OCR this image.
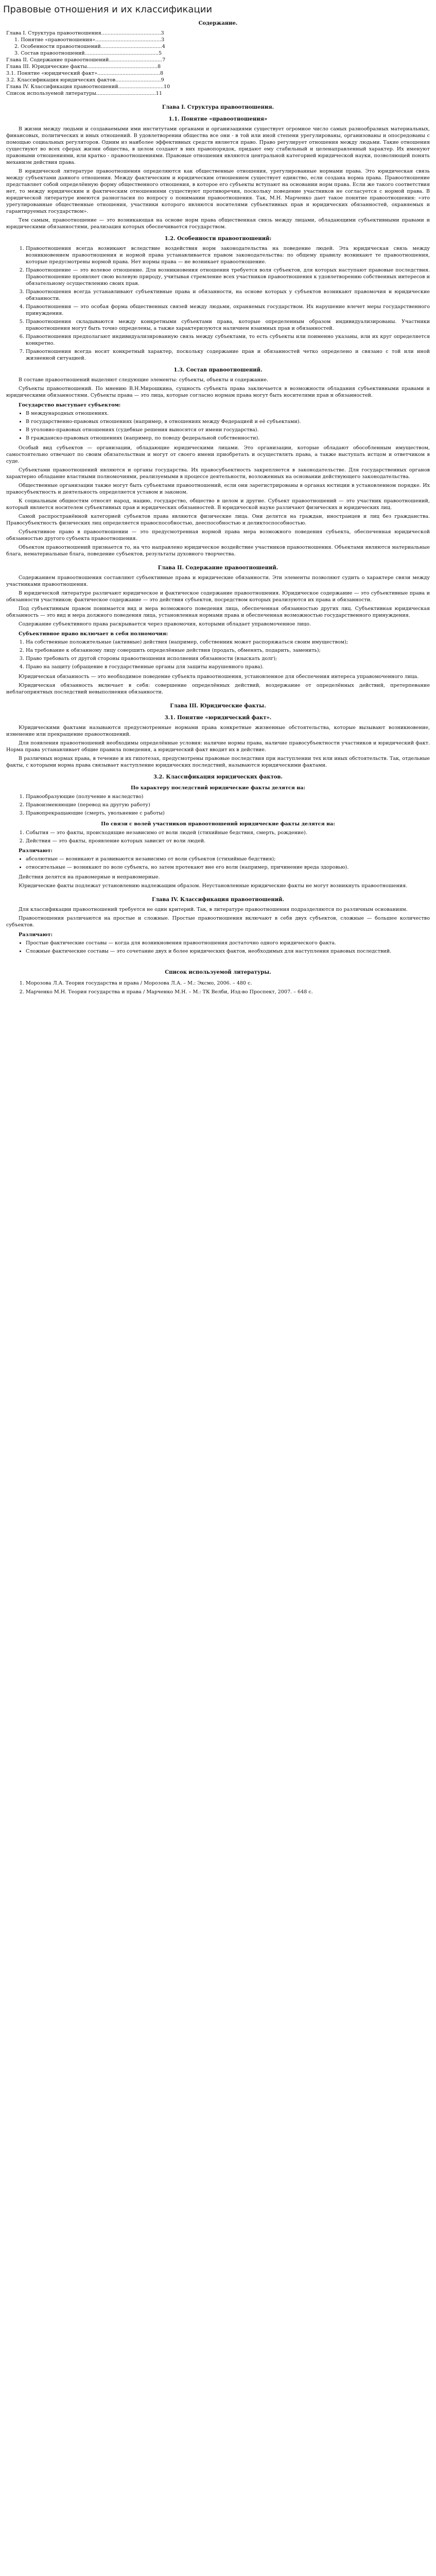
Правовые отношения и их классификации
Содержание.
Глава I. Структура правоотношения......................................3
1. Понятие «правоотношения»..........................................3
2. Особенности правоотношений.......................................4
3. Состав правоотношений...............................................5
Глава II. Содержание правоотношений..................................7
Глава III. Юридические факты.............................................8
3.1. Понятие «юридический факт»........................................8
3.2. Классификация юридических фактов.............................9
Глава IV. Классификация правоотношений.............................10
Список используемой литературы......................................11
Глава I. Структура правоотношения.
1.1. Понятие «правоотношения»

В жизни между людьми и создаваемыми ими институтами органами и организациями существует огромное число самых разнообразных материальных, финансовых, политических и иных отношений. В удовлетворении общества все они - в той или иной степени урегулированы, организованы и опосредованы с помощью социальных регуляторов. Одним из наиболее эффективных средств является право. Право регулирует отношения между людьми. Такие отношения существуют во всех сферах жизни общества, в целом создают в них правопорядок, придают ему стабильный и целенаправленный характер. Их именуют правовыми отношениями, или кратко - правоотношениями. Правовые отношения являются центральной категорией юридической науки, позволяющей понять механизм действия права.

В юридической литературе правоотношения определяются как общественные отношения, урегулированные нормами права. Это юридическая связь между субъектами данного отношения. Между фактическим и юридическим отношением существует единство, если создана норма права. Правоотношение представляет собой определённую форму общественного отношения, в которое его субъекты вступают на основании норм права. Если же такого соответствия нет, то между юридическим и фактическим отношениями существуют противоречия, поскольку поведение участников не согласуется с нормой права. В юридической литературе имеются разногласия по вопросу о понимании правоотношения. Так, М.Н. Марченко дает такое понятие правоотношения: «это урегулированные общественные отношения, участники которого являются носителями субъективных прав и юридических обязанностей, охраняемых и гарантируемых государством».

Тем самым, правоотношение — это возникающая на основе норм права общественная связь между лицами, обладающими субъективными правами и юридическими обязанностями, реализация которых обеспечивается государством.

1.2. Особенности правоотношений:
1. Правоотношения всегда возникают вследствие воздействия норм законодательства на поведение людей. Эта юридическая связь между возникновением правоотношения и нормой права устанавливается правом законодательства: по общему правилу возникают те правоотношения, которые предусмотрены нормой права. Нет нормы права — не возникает правоотношение.
2. Правоотношение — это волевое отношение. Для возникновения отношения требуется воля субъектов, для которых наступают правовые последствия. Правоотношение проявляет свою волевую природу, учитывая стремление всех участников правоотношения к удовлетворению собственных интересов и обязательному осуществлению своих прав.
3. Правоотношения всегда устанавливают субъективные права и обязанности, на основе которых у субъектов возникают правомочия и юридические обязанности.
4. Правоотношения — это особая форма общественных связей между людьми, охраняемых государством. Их нарушение влечет меры государственного принуждения.
5. Правоотношения складываются между конкретными субъектами права, которые определенным образом индивидуализированы. Участники правоотношения могут быть точно определены, а также характеризуются наличием взаимных прав и обязанностей.
6. Правоотношения предполагают индивидуализированную связь между субъектами, то есть субъекты или поименно указаны, или их круг определяется конкретно.
7. Правоотношения всегда носят конкретный характер, поскольку содержание прав и обязанностей четко определено и связано с той или иной жизненной ситуацией.
1.3. Состав правоотношений.

В составе правоотношений выделяют следующие элементы: субъекты, объекты и содержание.

Субъекты правоотношений. По мнению В.Н.Мирошкина, сущность субъекта права заключается в возможности обладания субъективными правами и юридическими обязанностями. Субъекты права — это лица, которые согласно нормам права могут быть носителями прав и обязанностей.

Государство выступает субъектом:
• В международных отношениях.
• В государственно-правовых отношениях (например, в отношениях между Федерацией и её субъектами).
• В уголовно-правовых отношениях (судебные решения выносятся от имени государства).
• В гражданско-правовых отношениях (например, по поводу федеральной собственности).

Особый вид субъектов — организации, обладающие юридическими лицами. Это организации, которые обладают обособленным имуществом, самостоятельно отвечают по своим обязательствам и могут от своего имени приобретать и осуществлять права, а также выступать истцом и ответчиком в суде.

Субъектами правоотношений являются и органы государства. Их правосубъектность закрепляется в законодательстве. Для государственных органов характерно обладание властными полномочиями, реализуемыми в процессе деятельности, возложенных на основании действующего законодательства.

Общественные организации также могут быть субъектами правоотношений, если они зарегистрированы в органах юстиции в установленном порядке. Их правосубъектность и деятельность определяется уставом и законом.

К социальным общностям относят народ, нацию, государство, общество в целом и другие. Субъект правоотношений — это участник правоотношений, который является носителем субъективных прав и юридических обязанностей. В юридической науке различают физических и юридических лиц.

Самой распространённой категорией субъектов права являются физические лица. Они делятся на граждан, иностранцев и лиц без гражданства. Правосубъектность физических лиц определяется правоспособностью, дееспособностью и деликтоспособностью.

Субъективное право в правоотношении — это предусмотренная нормой права мера возможного поведения субъекта, обеспеченная юридической обязанностью другого субъекта правоотношения.

Объектом правоотношений признается то, на что направлено юридическое воздействие участников правоотношения. Объектами являются материальные блага, нематериальные блага, поведение субъектов, результаты духовного творчества.

Глава II. Содержание правоотношений.

Содержанием правоотношения составляют субъективные права и юридические обязанности. Эти элементы позволяют судить о характере связи между участниками правоотношения.

В юридической литературе различают юридическое и фактическое содержание правоотношения. Юридическое содержание — это субъективные права и обязанности участников; фактическое содержание — это действия субъектов, посредством которых реализуются их права и обязанности.

Под субъективным правом понимается вид и мера возможного поведения лица, обеспеченная обязанностью других лиц. Субъективная юридическая обязанность — это вид и мера должного поведения лица, установленная нормами права и обеспеченная возможностью государственного принуждения.

Содержание субъективного права раскрывается через правомочия, которыми обладает управомоченное лицо.

Субъективное право включает в себя полномочия:
1. На собственные положительные (активные) действия (например, собственник может распоряжаться своим имуществом);
2. На требование к обязанному лицу совершить определённые действия (продать, обменять, подарить, заменить);
3. Право требовать от другой стороны правоотношения исполнения обязанности (взыскать долг);
4. Право на защиту (обращение в государственные органы для защиты нарушенного права).

Юридическая обязанность — это необходимое поведение субъекта правоотношения, установленное для обеспечения интереса управомоченного лица.

Юридическая обязанность включает в себя: совершение определённых действий, воздержание от определённых действий, претерпевание неблагоприятных последствий невыполнения обязанности.

Глава III. Юридические факты.
3.1. Понятие «юридический факт».

Юридическими фактами называются предусмотренные нормами права конкретные жизненные обстоятельства, которые вызывают возникновение, изменение или прекращение правоотношений.

Для появления правоотношений необходимы определённые условия: наличие нормы права, наличие правосубъектности участников и юридический факт. Норма права устанавливает общие правила поведения, а юридический факт вводит их в действие.

В различных нормах права, в течение и их гипотезах, предусмотрены правовые последствия при наступлении тех или иных обстоятельств. Так, отдельные факты, с которыми норма права связывает наступление юридических последствий, называются юридическими фактами.

3.2. Классификация юридических фактов.
По характеру последствий юридические факты делятся на:
1. Правообразующие (получение в наследство)
2. Правоизменяющие (перевод на другую работу)
3. Правопрекращающие (смерть, увольнение с работы)
По связи с волей участников правоотношений юридические факты делятся на:
1. События — это факты, происходящие независимо от воли людей (стихийные бедствия, смерть, рождение).
2. Действия — это факты, проявление которых зависит от воли людей.
Различают:
• абсолютные — возникают и развиваются независимо от воли субъектов (стихийные бедствия);
• относительные — возникают по воле субъекта, но затем протекают вне его воли (например, причинение вреда здоровью).

Действия делятся на правомерные и неправомерные.

Юридические факты подлежат установлению надлежащим образом. Неустановленные юридические факты не могут возникнуть правоотношения.

Глава IV. Классификация правоотношений.

Для классификации правоотношений требуется не один критерий. Так, в литературе правоотношения подразделяются по различным основаниям.

Правоотношения различаются на простые и сложные. Простые правоотношения включают в себя двух субъектов, сложные — большее количество субъектов.

Различают:
• Простые фактические составы — когда для возникновения правоотношения достаточно одного юридического факта.
• Сложные фактические составы — это сочетание двух и более юридических фактов, необходимых для наступления правовых последствий.
Список используемой литературы.
1. Морозова Л.А. Теория государства и права / Морозова Л.А. – М.: Эксмо, 2006. – 480 с.
2. Марченко М.Н. Теория государства и права / Марченко М.Н. – М.: ТК Велби, Изд-во Проспект, 2007. – 648 с.
